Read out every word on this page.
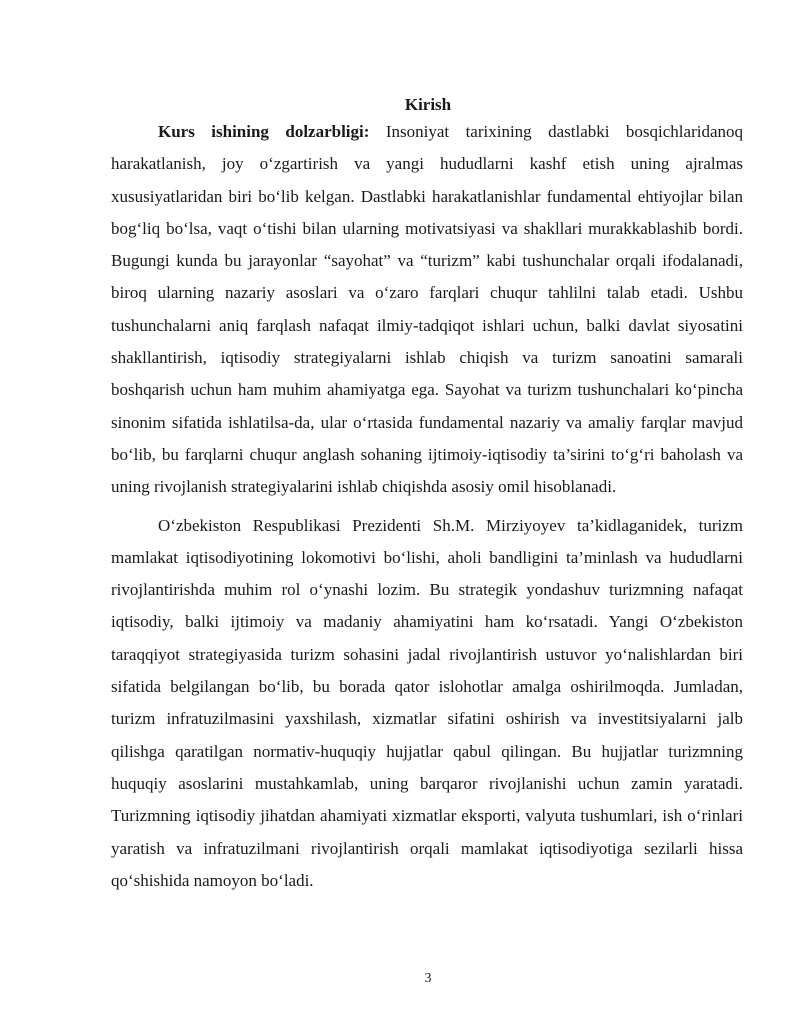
Kirish

Kurs ishining dolzarbligi: Insoniyat tarixining dastlabki bosqichlaridanoq harakatlanish, joy o‘zgartirish va yangi hududlarni kashf etish uning ajralmas xususiyatlaridan biri bo‘lib kelgan. Dastlabki harakatlanishlar fundamental ehtiyojlar bilan bog‘liq bo‘lsa, vaqt o‘tishi bilan ularning motivatsiyasi va shakllari murakkablashib bordi. Bugungi kunda bu jarayonlar “sayohat” va “turizm” kabi tushunchalar orqali ifodalanadi, biroq ularning nazariy asoslari va o‘zaro farqlari chuqur tahlilni talab etadi. Ushbu tushunchalarni aniq farqlash nafaqat ilmiy-tadqiqot ishlari uchun, balki davlat siyosatini shakllantirish, iqtisodiy strategiyalarni ishlab chiqish va turizm sanoatini samarali boshqarish uchun ham muhim ahamiyatga ega. Sayohat va turizm tushunchalari ko‘pincha sinonim sifatida ishlatilsa-da, ular o‘rtasida fundamental nazariy va amaliy farqlar mavjud bo‘lib, bu farqlarni chuqur anglash sohaning ijtimoiy-iqtisodiy ta’sirini to‘g‘ri baholash va uning rivojlanish strategiyalarini ishlab chiqishda asosiy omil hisoblanadi.

O‘zbekiston Respublikasi Prezidenti Sh.M. Mirziyoyev ta’kidlaganidek, turizm mamlakat iqtisodiyotining lokomotivi bo‘lishi, aholi bandligini ta’minlash va hududlarni rivojlantirishda muhim rol o‘ynashi lozim. Bu strategik yondashuv turizmning nafaqat iqtisodiy, balki ijtimoiy va madaniy ahamiyatini ham ko‘rsatadi. Yangi O‘zbekiston taraqqiyot strategiyasida turizm sohasini jadal rivojlantirish ustuvor yo‘nalishlardan biri sifatida belgilangan bo‘lib, bu borada qator islohotlar amalga oshirilmoqda. Jumladan, turizm infratuzilmasini yaxshilash, xizmatlar sifatini oshirish va investitsiyalarni jalb qilishga qaratilgan normativ-huquqiy hujjatlar qabul qilingan. Bu hujjatlar turizmning huquqiy asoslarini mustahkamlab, uning barqaror rivojlanishi uchun zamin yaratadi. Turizmning iqtisodiy jihatdan ahamiyati xizmatlar eksporti, valyuta tushumlari, ish o‘rinlari yaratish va infratuzilmani rivojlantirish orqali mamlakat iqtisodiyotiga sezilarli hissa qo‘shishida namoyon bo‘ladi.

3
